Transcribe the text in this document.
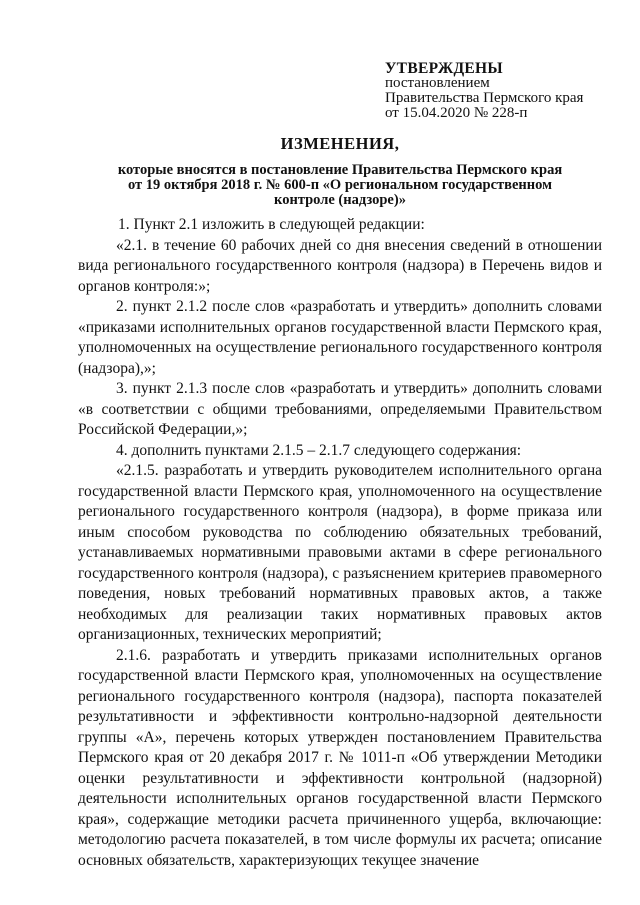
УТВЕРЖДЕНЫ
постановлением
Правительства Пермского края
от 15.04.2020 № 228-п
ИЗМЕНЕНИЯ,
которые вносятся в постановление Правительства Пермского края
от 19 октября 2018 г. № 600-п «О региональном государственном
контроле (надзоре)»

1. Пункт 2.1 изложить в следующей редакции:

«2.1. в течение 60 рабочих дней со дня внесения сведений в отношении вида регионального государственного контроля (надзора) в Перечень видов и органов контроля:»;

2. пункт 2.1.2 после слов «разработать и утвердить» дополнить словами «приказами исполнительных органов государственной власти Пермского края, уполномоченных на осуществление регионального государственного контроля (надзора),»;

3. пункт 2.1.3 после слов «разработать и утвердить» дополнить словами «в соответствии с общими требованиями, определяемыми Правительством Российской Федерации,»;

4. дополнить пунктами 2.1.5 – 2.1.7 следующего содержания:

«2.1.5. разработать и утвердить руководителем исполнительного органа государственной власти Пермского края, уполномоченного на осуществление регионального государственного контроля (надзора), в форме приказа или иным способом руководства по соблюдению обязательных требований, устанавливаемых нормативными правовыми актами в сфере регионального государственного контроля (надзора), с разъяснением критериев правомерного поведения, новых требований нормативных правовых актов, а также необходимых для реализации таких нормативных правовых актов организационных, технических мероприятий;

2.1.6. разработать и утвердить приказами исполнительных органов государственной власти Пермского края, уполномоченных на осуществление регионального государственного контроля (надзора), паспорта показателей результативности и эффективности контрольно-надзорной деятельности группы «А», перечень которых утвержден постановлением Правительства Пермского края от 20 декабря 2017 г. № 1011-п «Об утверждении Методики оценки результативности и эффективности контрольной (надзорной) деятельности исполнительных органов государственной власти Пермского края», содержащие методики расчета причиненного ущерба, включающие: методологию расчета показателей, в том числе формулы их расчета; описание основных обязательств, характеризующих текущее значение
